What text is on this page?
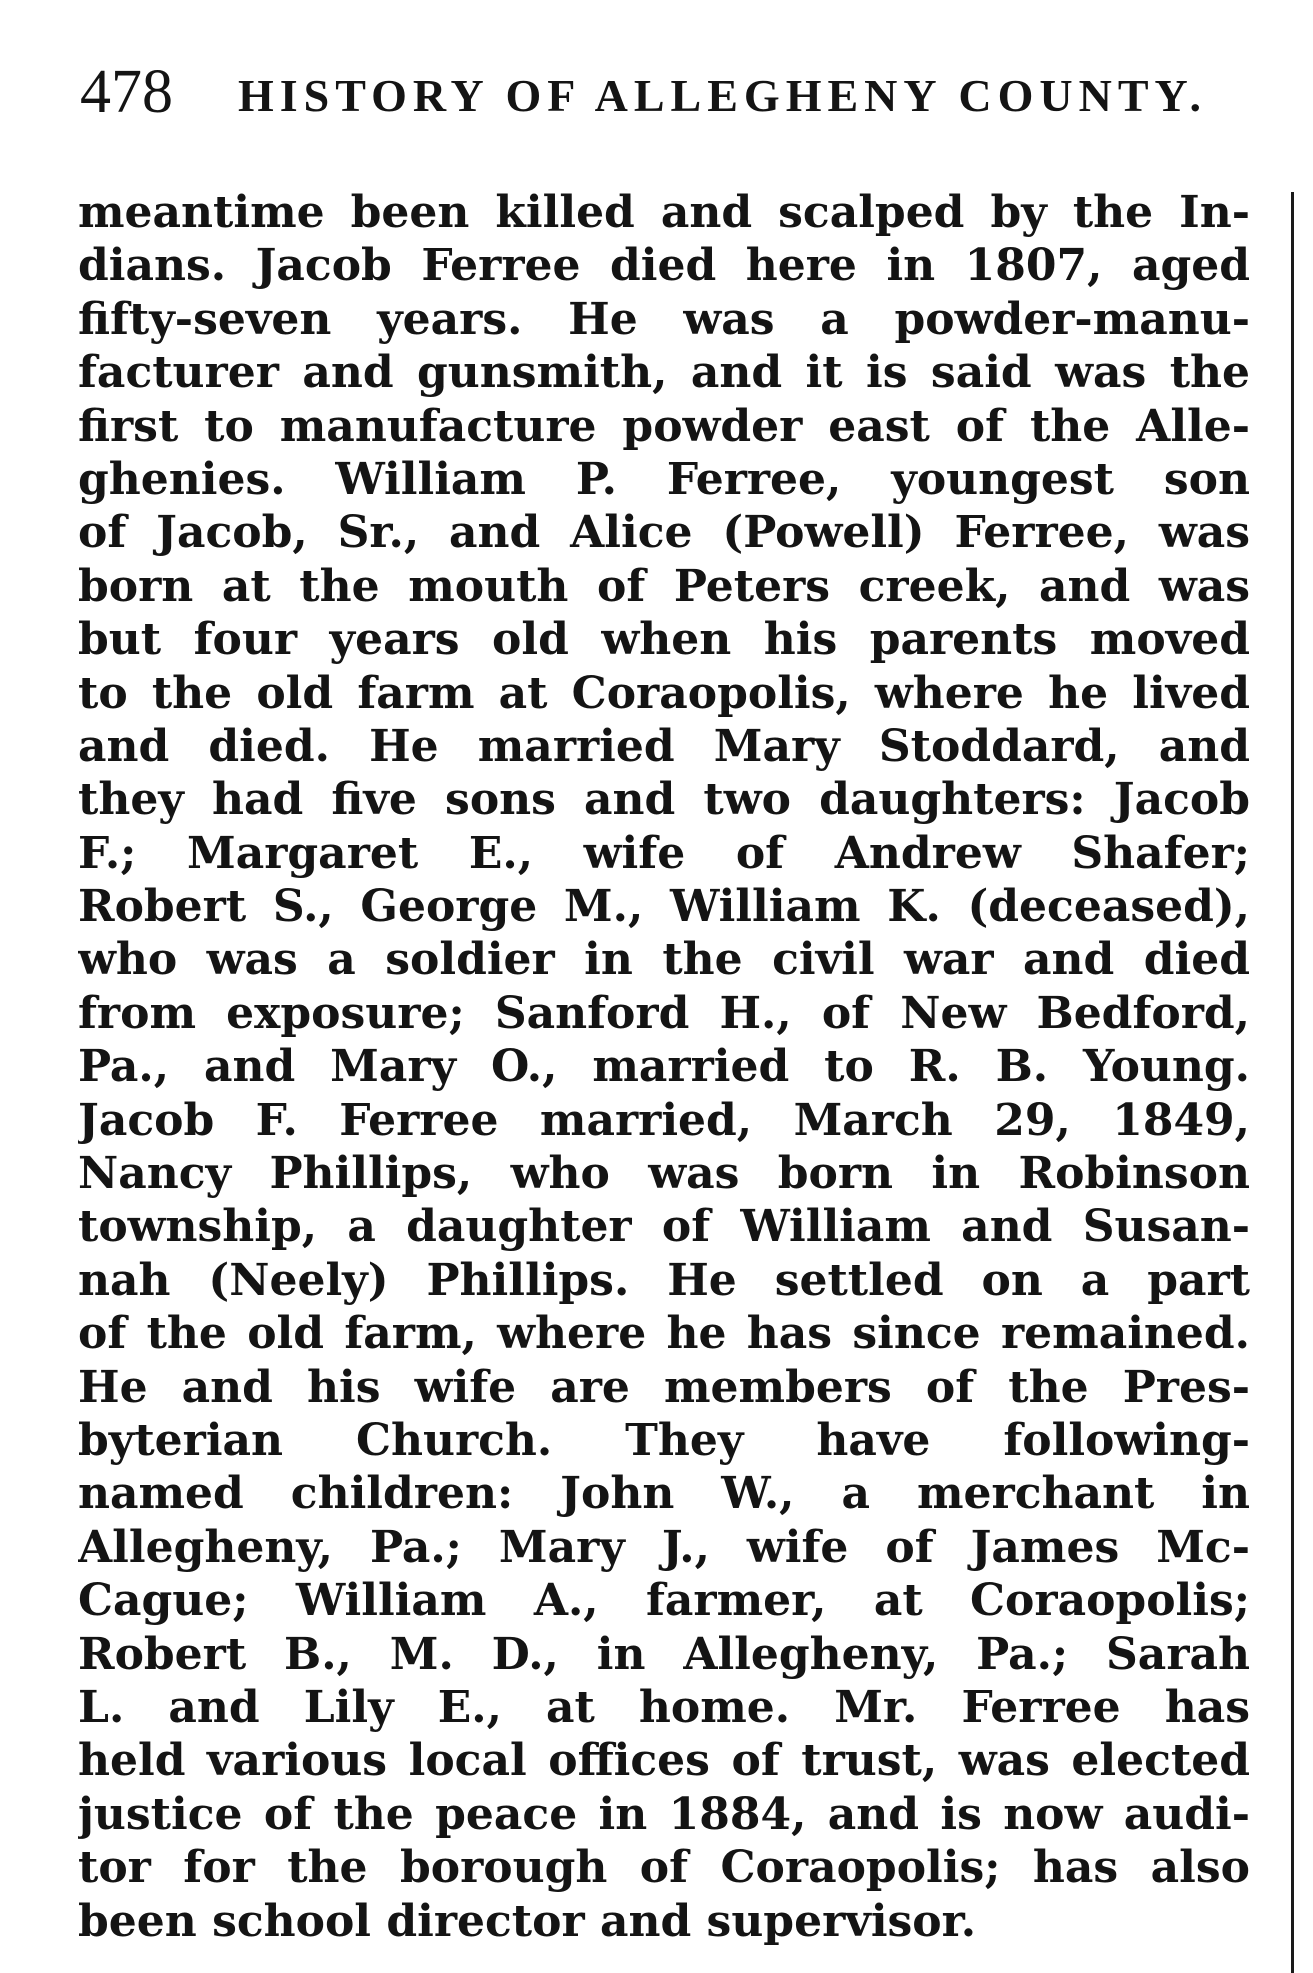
478 HISTORY OF ALLEGHENY COUNTY.
meantime been killed and scalped by the In-
dians. Jacob Ferree died here in 1807, aged
fifty-seven years. He was a powder-manu-
facturer and gunsmith, and it is said was the
first to manufacture powder east of the Alle-
ghenies. William P. Ferree, youngest son
of Jacob, Sr., and Alice (Powell) Ferree, was
born at the mouth of Peters creek, and was
but four years old when his parents moved
to the old farm at Coraopolis, where he lived
and died. He married Mary Stoddard, and
they had five sons and two daughters: Jacob
F.; Margaret E., wife of Andrew Shafer;
Robert S., George M., William K. (deceased),
who was a soldier in the civil war and died
from exposure; Sanford H., of New Bedford,
Pa., and Mary O., married to R. B. Young.
Jacob F. Ferree married, March 29, 1849,
Nancy Phillips, who was born in Robinson
township, a daughter of William and Susan-
nah (Neely) Phillips. He settled on a part
of the old farm, where he has since remained.
He and his wife are members of the Pres-
byterian Church. They have following-
named children: John W., a merchant in
Allegheny, Pa.; Mary J., wife of James Mc-
Cague; William A., farmer, at Coraopolis;
Robert B., M. D., in Allegheny, Pa.; Sarah
L. and Lily E., at home. Mr. Ferree has
held various local offices of trust, was elected
justice of the peace in 1884, and is now audi-
tor for the borough of Coraopolis; has also
been school director and supervisor.
